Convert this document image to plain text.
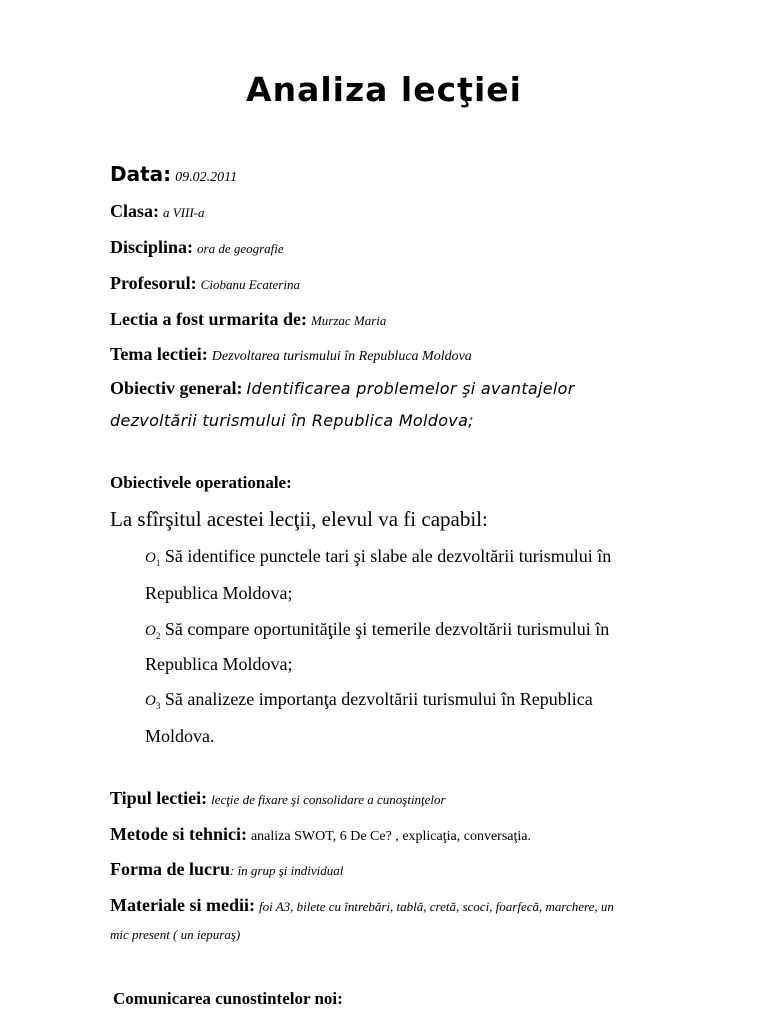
Analiza lecţiei
Data: 09.02.2011
Clasa: a VIII-a
Disciplina: ora de geografie
Profesorul: Ciobanu Ecaterina
Lectia a fost urmarita de: Murzac Maria
Tema lectiei: Dezvoltarea turismului în Republuca Moldova
Obiectiv general: Identificarea problemelor şi avantajelor
dezvoltării turismului în Republica Moldova;
Obiectivele operationale:
La sfîrşitul acestei lecţii, elevul va fi capabil:
$O_1$ Să identifice punctele tari şi slabe ale dezvoltării turismului în
Republica Moldova;
$O_2$ Să compare oportunităţile şi temerile dezvoltării turismului în
Republica Moldova;
$O_3$ Să analizeze importanţa dezvoltării turismului în Republica
Moldova.
Tipul lectiei: lecţie de fixare şi consolidare a cunoştinţelor
Metode si tehnici: analiza SWOT, 6 De Ce? , explicaţia, conversaţia.
Forma de lucru: în grup şi individual
Materiale si medii: foi A3, bilete cu întrebări, tablă, cretă, scoci, foarfecă, marchere, un
mic present ( un iepuraş)
Comunicarea cunostintelor noi:
